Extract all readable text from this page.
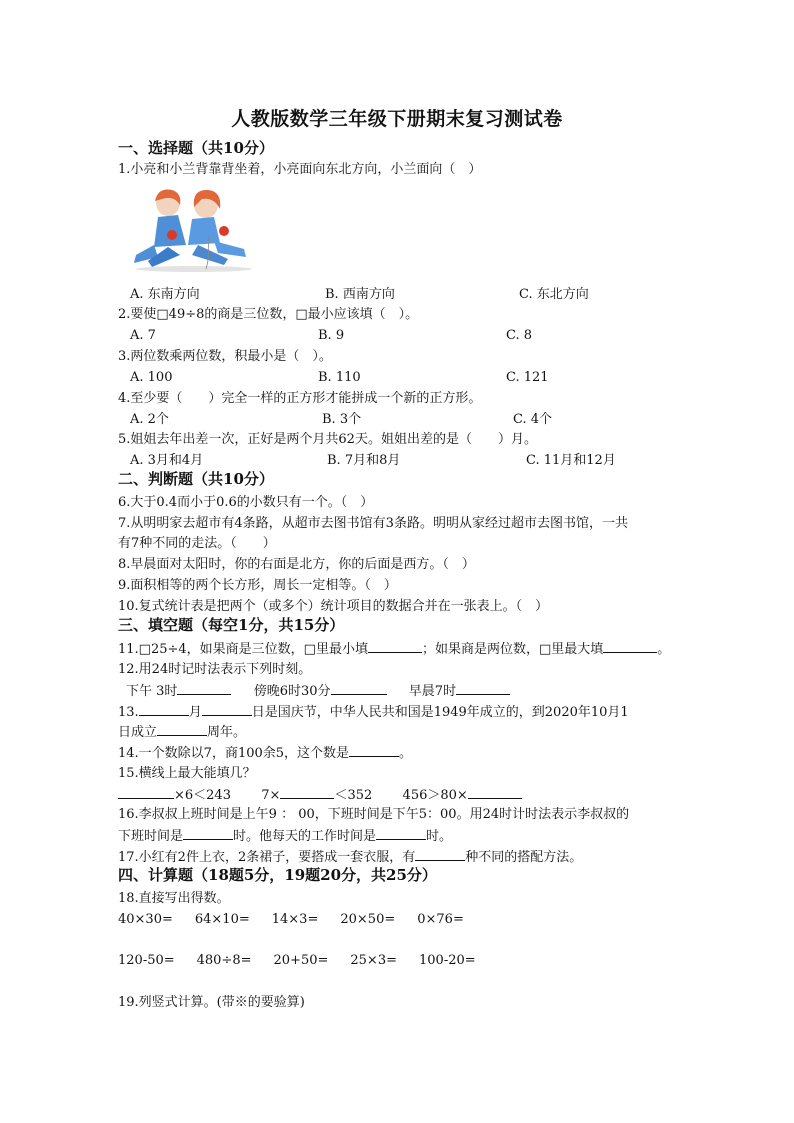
人教版数学三年级下册期末复习测试卷
一、选择题（共10分）
1.小亮和小兰背靠背坐着，小亮面向东北方向，小兰面向（　）
A. 东南方向	B. 西南方向	C. 东北方向
2.要使□49÷8的商是三位数，□最小应该填（　）。
A. 7	B. 9	C. 8
3.两位数乘两位数，积最小是（　）。
A. 100	B. 110	C. 121
4.至少要（　　）完全一样的正方形才能拼成一个新的正方形。
A. 2个	B. 3个	C. 4个
5.姐姐去年出差一次，正好是两个月共62天。姐姐出差的是（　　）月。
A. 3月和4月	B. 7月和8月	C. 11月和12月
二、判断题（共10分）
6.大于0.4而小于0.6的小数只有一个。（　）
7.从明明家去超市有4条路，从超市去图书馆有3条路。明明从家经过超市去图书馆，一共
有7种不同的走法。（　　）
8.早晨面对太阳时，你的右面是北方，你的后面是西方。（　）
9.面积相等的两个长方形，周长一定相等。（　）
10.复式统计表是把两个（或多个）统计项目的数据合并在一张表上。（　）
三、填空题（每空1分，共15分）
11.□25÷4，如果商是三位数，□里最小填	；如果商是两位数，□里最大填	。
12.用24时记时法表示下列时刻。
下午 3时	傍晚6时30分	早晨7时
13.	月	日是国庆节，中华人民共和国是1949年成立的，到2020年10月1
日成立	周年。
14.一个数除以7，商100余5，这个数是	。
15.横线上最大能填几？
×6＜243 7×	＜352 456＞80×
16.李叔叔上班时间是上午9 ： 00，下班时间是下午5：00。用24时计时法表示李叔叔的
下班时间是	时。他每天的工作时间是	时。
17.小红有2件上衣，2条裙子，要搭成一套衣服，有	种不同的搭配方法。
四、计算题（18题5分，19题20分，共25分）
18.直接写出得数。
40×30= 64×10= 14×3= 20×50= 0×76=
120-50= 480÷8= 20+50= 25×3= 100-20=
19.列竖式计算。(带※的要验算)
